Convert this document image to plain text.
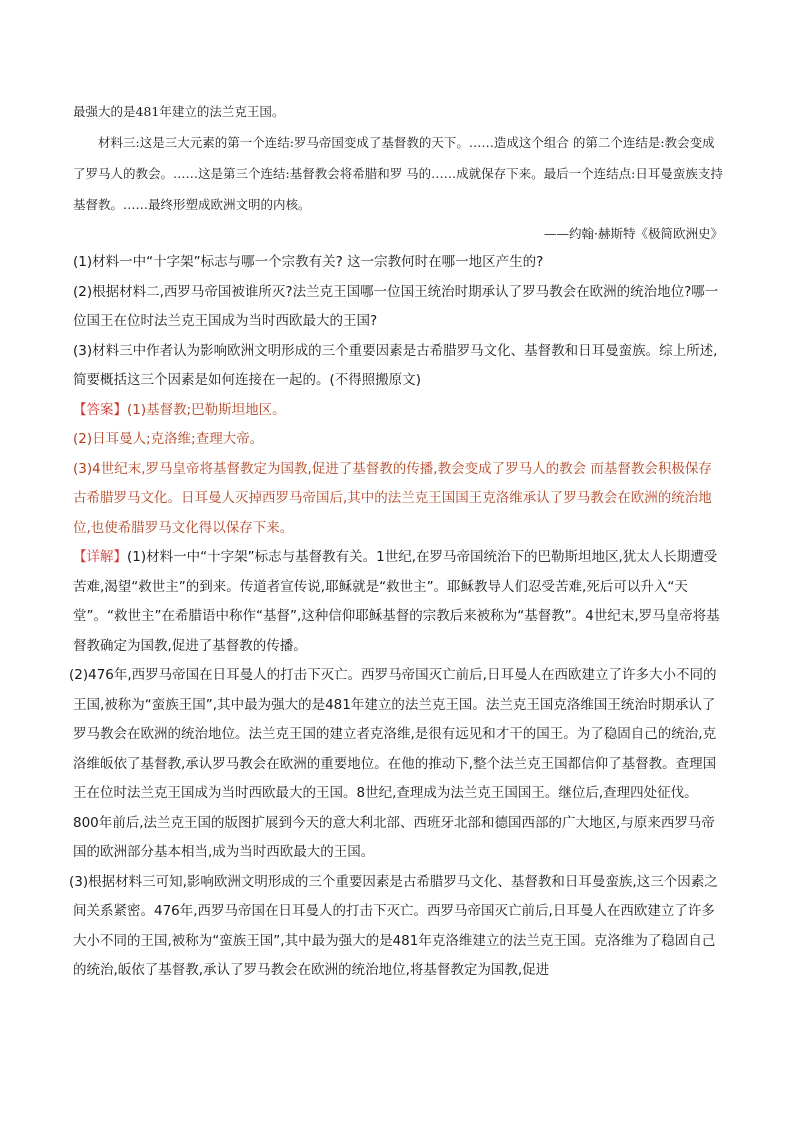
最强大的是481年建立的法兰克王国。

材料三:这是三大元素的第一个连结:罗马帝国变成了基督教的天下。……造成这个组合 的第二个连结是:教会变成了罗马人的教会。……这是第三个连结:基督教会将希腊和罗 马的……成就保存下来。最后一个连结点:日耳曼蛮族支持基督教。……最终形塑成欧洲文明的内核。

——约翰·赫斯特《极简欧洲史》

(1)材料一中“十字架”标志与哪一个宗教有关? 这一宗教何时在哪一地区产生的?

(2)根据材料二,西罗马帝国被谁所灭?法兰克王国哪一位国王统治时期承认了罗马教会在欧洲的统治地位?哪一位国王在位时法兰克王国成为当时西欧最大的王国?

(3)材料三中作者认为影响欧洲文明形成的三个重要因素是古希腊罗马文化、基督教和日耳曼蛮族。综上所述,简要概括这三个因素是如何连接在一起的。(不得照搬原文)

【答案】(1)基督教;巴勒斯坦地区。

(2)日耳曼人;克洛维;查理大帝。

(3)4世纪末,罗马皇帝将基督教定为国教,促进了基督教的传播,教会变成了罗马人的教会 而基督教会积极保存古希腊罗马文化。日耳曼人灭掉西罗马帝国后,其中的法兰克王国国王克洛维承认了罗马教会在欧洲的统治地位,也使希腊罗马文化得以保存下来。

【详解】(1)材料一中“十字架”标志与基督教有关。1世纪,在罗马帝国统治下的巴勒斯坦地区,犹太人长期遭受苦难,渴望“救世主”的到来。传道者宣传说,耶稣就是“救世主”。耶稣教导人们忍受苦难,死后可以升入“天堂”。“救世主”在希腊语中称作“基督”,这种信仰耶稣基督的宗教后来被称为“基督教”。4世纪末,罗马皇帝将基督教确定为国教,促进了基督教的传播。

(2)476年,西罗马帝国在日耳曼人的打击下灭亡。西罗马帝国灭亡前后,日耳曼人在西欧建立了许多大小不同的王国,被称为“蛮族王国”,其中最为强大的是481年建立的法兰克王国。法兰克王国克洛维国王统治时期承认了罗马教会在欧洲的统治地位。法兰克王国的建立者克洛维,是很有远见和才干的国王。为了稳固自己的统治,克洛维皈依了基督教,承认罗马教会在欧洲的重要地位。在他的推动下,整个法兰克王国都信仰了基督教。查理国王在位时法兰克王国成为当时西欧最大的王国。8世纪,查理成为法兰克王国国王。继位后,查理四处征伐。800年前后,法兰克王国的版图扩展到今天的意大利北部、西班牙北部和德国西部的广大地区,与原来西罗马帝国的欧洲部分基本相当,成为当时西欧最大的王国。

(3)根据材料三可知,影响欧洲文明形成的三个重要因素是古希腊罗马文化、基督教和日耳曼蛮族,这三个因素之间关系紧密。476年,西罗马帝国在日耳曼人的打击下灭亡。西罗马帝国灭亡前后,日耳曼人在西欧建立了许多大小不同的王国,被称为“蛮族王国”,其中最为强大的是481年克洛维建立的法兰克王国。克洛维为了稳固自己的统治,皈依了基督教,承认了罗马教会在欧洲的统治地位,将基督教定为国教,促进
